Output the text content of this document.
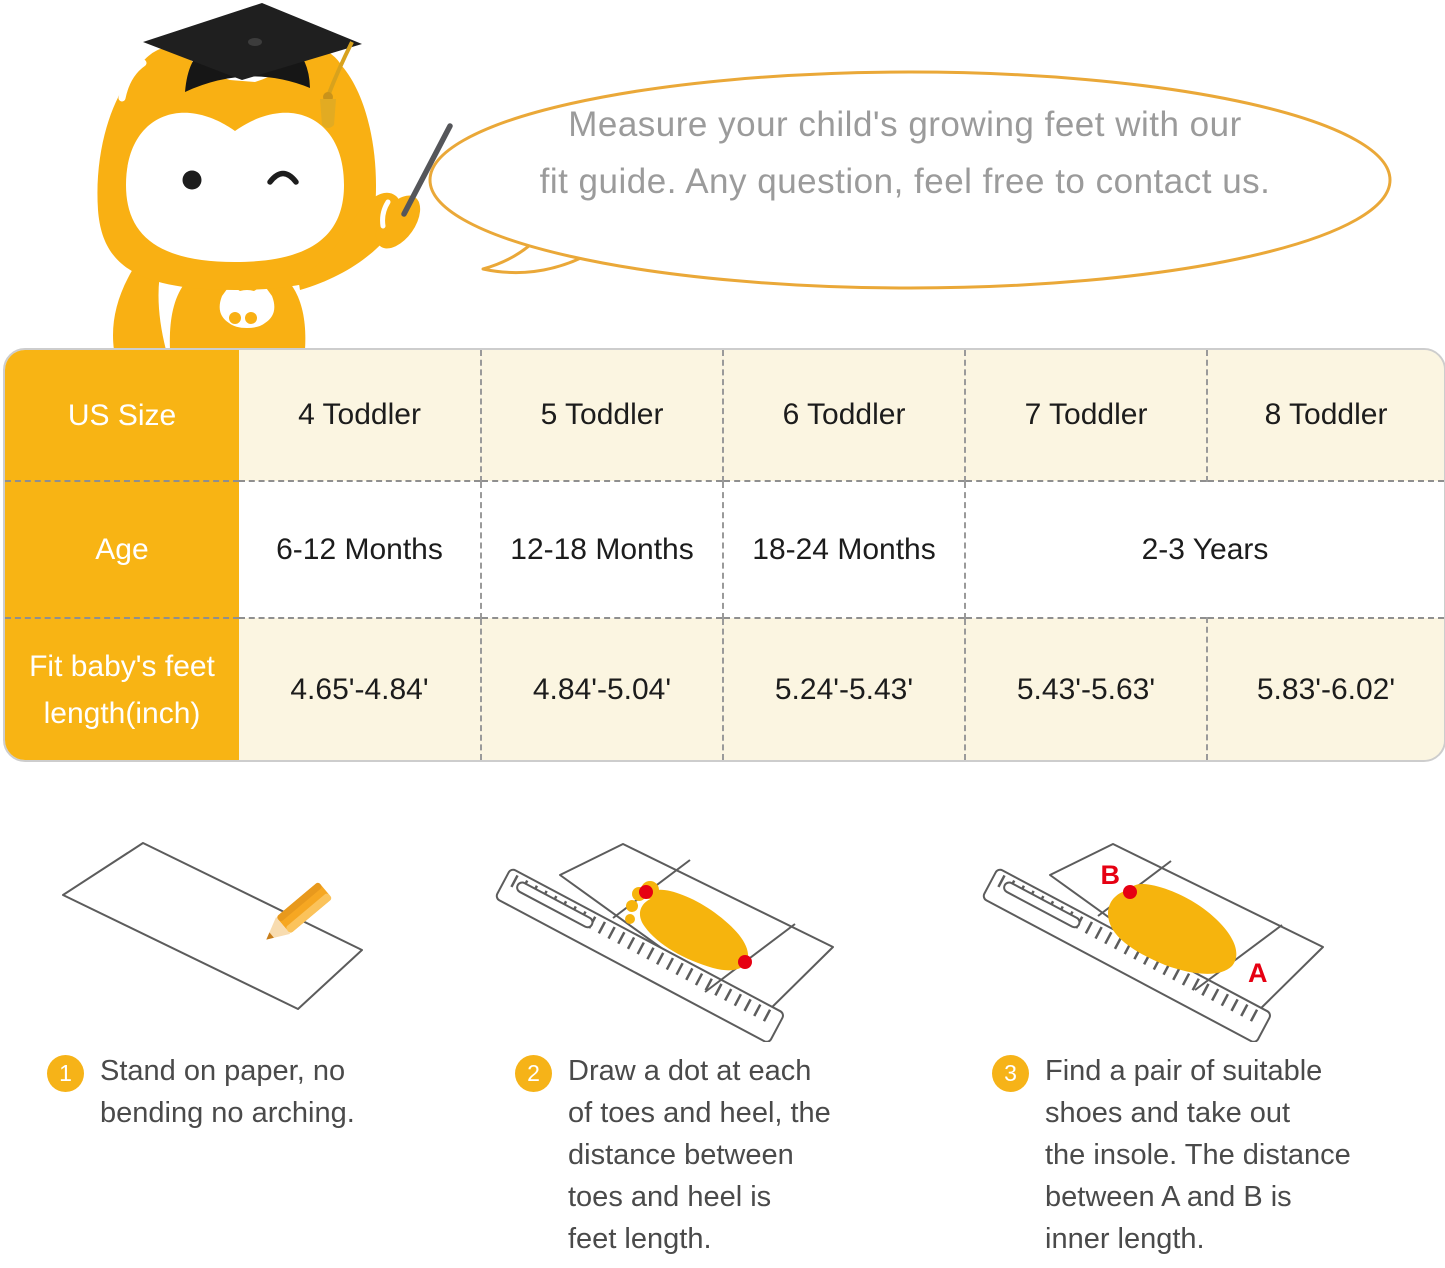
Measure your child's growing feet with our
fit guide. Any question, feel free to contact us.
US Size	4 Toddler	5 Toddler	6 Toddler	7 Toddler	8 Toddler
Age	6-12 Months	12-18 Months	18-24 Months	2-3 Years	
Fit baby's feet length(inch)	4.65'-4.84'	4.84'-5.04'	5.24'-5.43'	5.43'-5.63'	5.83'-6.02'
1 Stand on paper, no
bending no arching.
2 Draw a dot at each
of toes and heel, the
distance between
toes and heel is
feet length.
B
A
3 Find a pair of suitable
shoes and take out
the insole. The distance
between A and B is
inner length.
